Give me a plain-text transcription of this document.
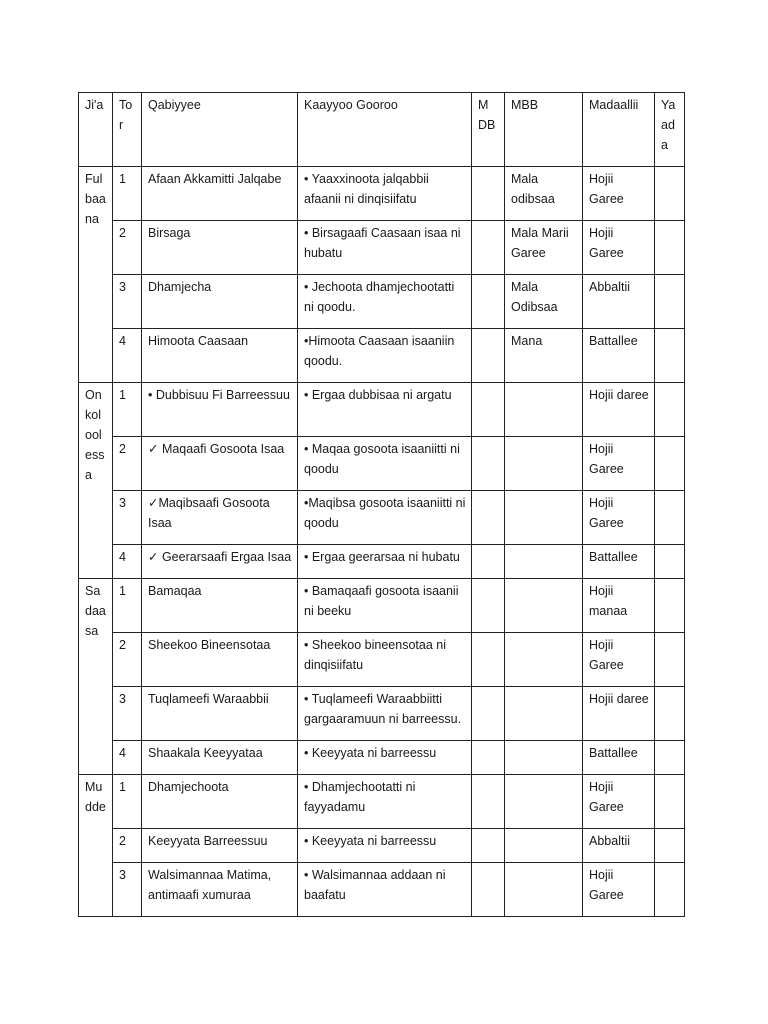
Ji'a	To r	Qabiyyee	Kaayyoo Gooroo	M DB	MBB	Madaallii	Ya ad a

Fulbaana	1	Afaan Akkamitti Jalqabe	• Yaaxxinoota jalqabbii afaanii ni dinqisiifatu		Mala odibsaa	Hojii Garee	
	2	Birsaga	• Birsagaafi Caasaan isaa ni hubatu		Mala Marii Garee	Hojii Garee	
	3	Dhamjecha	• Jechoota dhamjechootatti ni qoodu.		Mala Odibsaa	Abbaltii	
	4	Himoota Caasaan	•Himoota Caasaan isaaniin qoodu.		Mana	Battallee	

Onkoloolessa	1	• Dubbisuu Fi Barreessuu	• Ergaa dubbisaa ni argatu			Hojii daree	
	2	✓ Maqaafi Gosoota Isaa	• Maqaa gosoota isaaniitti ni qoodu			Hojii Garee	
	3	✓Maqibsaafi Gosoota Isaa	•Maqibsa gosoota isaaniitti ni qoodu			Hojii Garee	
	4	✓ Geerarsaafi Ergaa Isaa	• Ergaa geerarsaa ni hubatu			Battallee	

Sadaasa	1	Bamaqaa	• Bamaqaafi gosoota isaanii ni beeku			Hojii manaa	
	2	Sheekoo Bineensotaa	• Sheekoo bineensotaa ni dinqisiifatu			Hojii Garee	
	3	Tuqlameefi Waraabbii	• Tuqlameefi Waraabbiitti gargaaramuun ni barreessu.			Hojii daree	
	4	Shaakala Keeyyataa	• Keeyyata ni barreessu			Battallee	

Mudde	1	Dhamjechoota	• Dhamjechootatti ni fayyadamu			Hojii Garee	
	2	Keeyyata Barreessuu	• Keeyyata ni barreessu			Abbaltii	
	3	Walsimannaa Matima, antimaafi xumuraa	• Walsimannaa addaan ni baafatu			Hojii Garee	
